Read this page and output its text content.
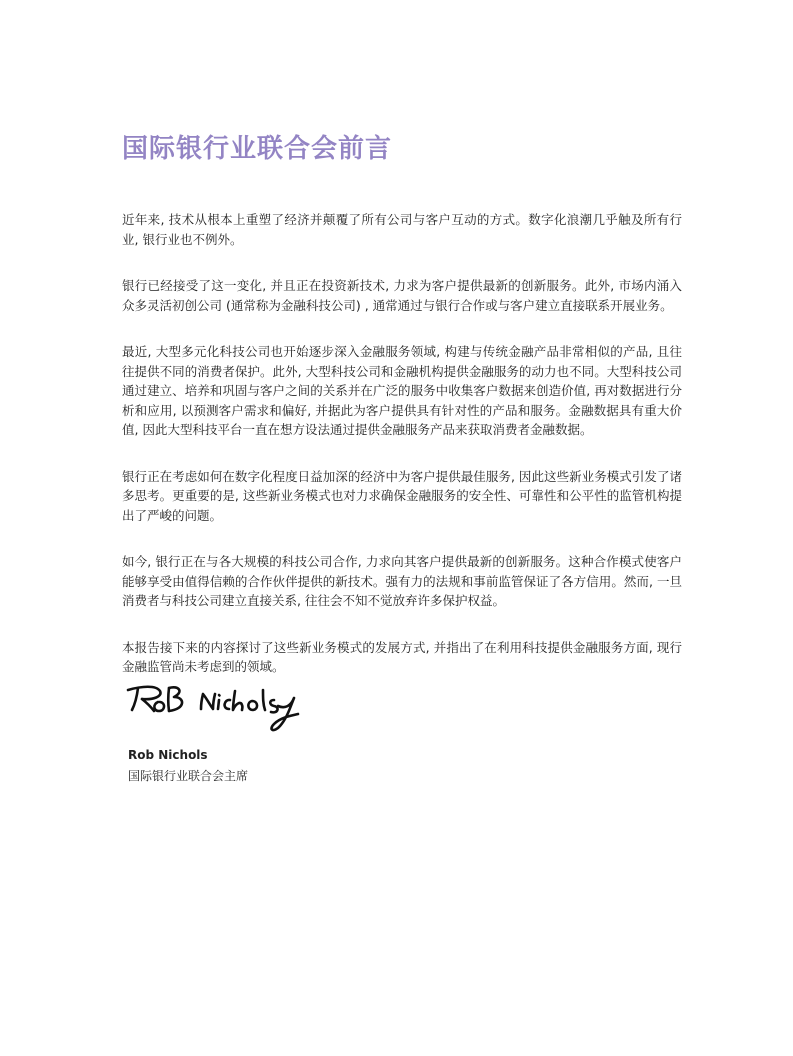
国际银行业联合会前言

近年来, 技术从根本上重塑了经济并颠覆了所有公司与客户互动的方式。数字化浪潮几乎触及所有行业, 银行业也不例外。

银行已经接受了这一变化, 并且正在投资新技术, 力求为客户提供最新的创新服务。此外, 市场内涌入众多灵活初创公司 (通常称为金融科技公司) , 通常通过与银行合作或与客户建立直接联系开展业务。

最近, 大型多元化科技公司也开始逐步深入金融服务领域, 构建与传统金融产品非常相似的产品, 且往往提供不同的消费者保护。此外, 大型科技公司和金融机构提供金融服务的动力也不同。大型科技公司通过建立、培养和巩固与客户之间的关系并在广泛的服务中收集客户数据来创造价值, 再对数据进行分析和应用, 以预测客户需求和偏好, 并据此为客户提供具有针对性的产品和服务。金融数据具有重大价值, 因此大型科技平台一直在想方设法通过提供金融服务产品来获取消费者金融数据。

银行正在考虑如何在数字化程度日益加深的经济中为客户提供最佳服务, 因此这些新业务模式引发了诸多思考。更重要的是, 这些新业务模式也对力求确保金融服务的安全性、可靠性和公平性的监管机构提出了严峻的问题。

如今, 银行正在与各大规模的科技公司合作, 力求向其客户提供最新的创新服务。这种合作模式使客户能够享受由值得信赖的合作伙伴提供的新技术。强有力的法规和事前监管保证了各方信用。然而, 一旦消费者与科技公司建立直接关系, 往往会不知不觉放弃许多保护权益。

本报告接下来的内容探讨了这些新业务模式的发展方式, 并指出了在利用科技提供金融服务方面, 现行金融监管尚未考虑到的领域。

Rob Nichols
国际银行业联合会主席
